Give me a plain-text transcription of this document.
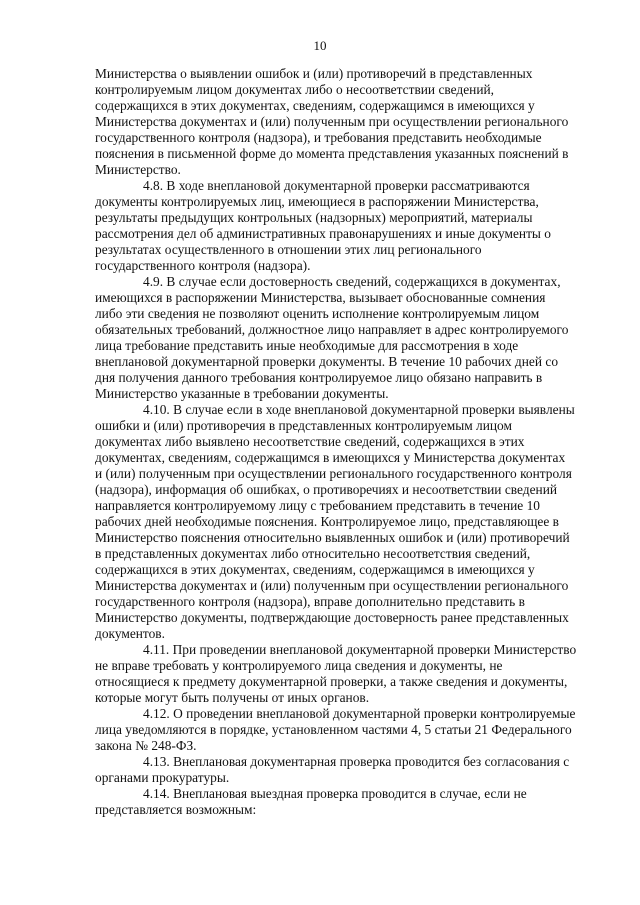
10

Министерства о выявлении ошибок и (или) противоречий в представленных
контролируемым лицом документах либо о несоответствии сведений,
содержащихся в этих документах, сведениям, содержащимся в имеющихся у
Министерства документах и (или) полученным при осуществлении регионального
государственного контроля (надзора), и требования представить необходимые
пояснения в письменной форме до момента представления указанных пояснений в
Министерство.

4.8. В ходе внеплановой документарной проверки рассматриваются
документы контролируемых лиц, имеющиеся в распоряжении Министерства,
результаты предыдущих контрольных (надзорных) мероприятий, материалы
рассмотрения дел об административных правонарушениях и иные документы о
результатах осуществленного в отношении этих лиц регионального
государственного контроля (надзора).

4.9. В случае если достоверность сведений, содержащихся в документах,
имеющихся в распоряжении Министерства, вызывает обоснованные сомнения
либо эти сведения не позволяют оценить исполнение контролируемым лицом
обязательных требований, должностное лицо направляет в адрес контролируемого
лица требование представить иные необходимые для рассмотрения в ходе
внеплановой документарной проверки документы. В течение 10 рабочих дней со
дня получения данного требования контролируемое лицо обязано направить в
Министерство указанные в требовании документы.

4.10. В случае если в ходе внеплановой документарной проверки выявлены
ошибки и (или) противоречия в представленных контролируемым лицом
документах либо выявлено несоответствие сведений, содержащихся в этих
документах, сведениям, содержащимся в имеющихся у Министерства документах
и (или) полученным при осуществлении регионального государственного контроля
(надзора), информация об ошибках, о противоречиях и несоответствии сведений
направляется контролируемому лицу с требованием представить в течение 10
рабочих дней необходимые пояснения. Контролируемое лицо, представляющее в
Министерство пояснения относительно выявленных ошибок и (или) противоречий
в представленных документах либо относительно несоответствия сведений,
содержащихся в этих документах, сведениям, содержащимся в имеющихся у
Министерства документах и (или) полученным при осуществлении регионального
государственного контроля (надзора), вправе дополнительно представить в
Министерство документы, подтверждающие достоверность ранее представленных
документов.

4.11. При проведении внеплановой документарной проверки Министерство
не вправе требовать у контролируемого лица сведения и документы, не
относящиеся к предмету документарной проверки, а также сведения и документы,
которые могут быть получены от иных органов.

4.12. О проведении внеплановой документарной проверки контролируемые
лица уведомляются в порядке, установленном частями 4, 5 статьи 21 Федерального
закона № 248-ФЗ.

4.13. Внеплановая документарная проверка проводится без согласования с
органами прокуратуры.

4.14. Внеплановая выездная проверка проводится в случае, если не
представляется возможным:
